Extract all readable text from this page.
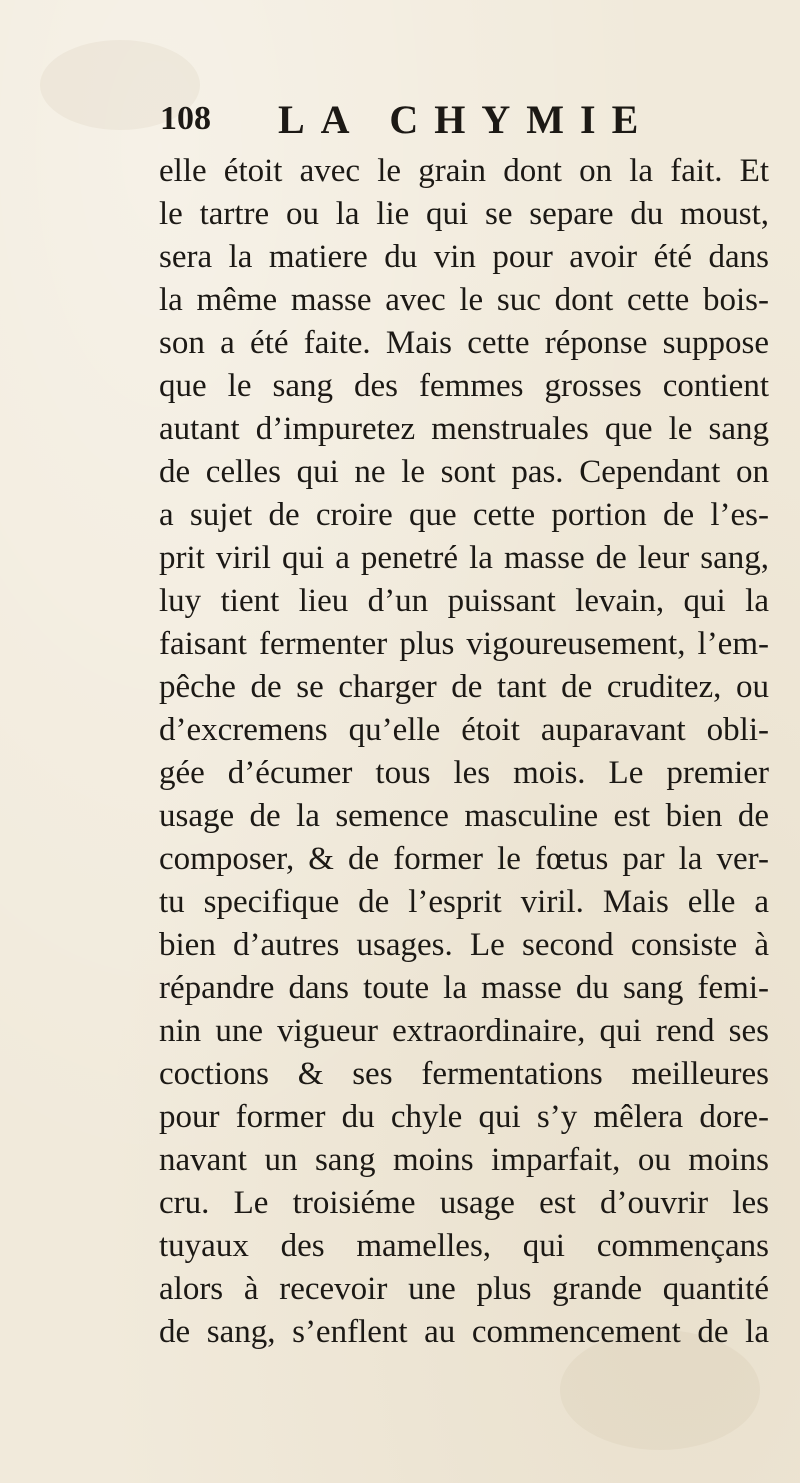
108 LA CHYMIE
elle étoit avec le grain dont on la fait. Et
le tartre ou la lie qui se separe du moust,
sera la matiere du vin pour avoir été dans
la même masse avec le suc dont cette bois-
son a été faite. Mais cette réponse suppose
que le sang des femmes grosses contient
autant d’impuretez menstruales que le sang
de celles qui ne le sont pas. Cependant on
a sujet de croire que cette portion de l’es-
prit viril qui a penetré la masse de leur sang,
luy tient lieu d’un puissant levain, qui la
faisant fermenter plus vigoureusement, l’em-
pêche de se charger de tant de cruditez, ou
d’excremens qu’elle étoit auparavant obli-
gée d’écumer tous les mois. Le premier
usage de la semence masculine est bien de
composer, & de former le fœtus par la ver-
tu specifique de l’esprit viril. Mais elle a
bien d’autres usages. Le second consiste à
répandre dans toute la masse du sang femi-
nin une vigueur extraordinaire, qui rend ses
coctions & ses fermentations meilleures
pour former du chyle qui s’y mêlera dore-
navant un sang moins imparfait, ou moins
cru. Le troisiéme usage est d’ouvrir les
tuyaux des mamelles, qui commençans
alors à recevoir une plus grande quantité
de sang, s’enflent au commencement de la
